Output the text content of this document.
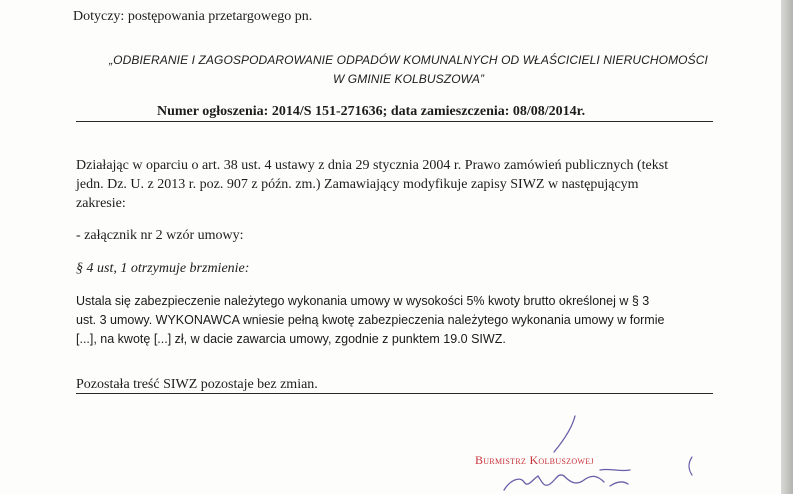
Dotyczy: postępowania przetargowego pn.
„ODBIERANIE I ZAGOSPODAROWANIE ODPADÓW KOMUNALNYCH OD WŁAŚCICIELI NIERUCHOMOŚCI
W GMINIE KOLBUSZOWA”
Numer ogłoszenia: 2014/S 151-271636; data zamieszczenia: 08/08/2014r.
Działając w oparciu o art. 38 ust. 4 ustawy z dnia 29 stycznia 2004 r. Prawo zamówień publicznych (tekst
jedn. Dz. U. z 2013 r. poz. 907 z późn. zm.) Zamawiający modyfikuje zapisy SIWZ w następującym
zakresie:
- załącznik nr 2 wzór umowy:
§ 4 ust, 1 otrzymuje brzmienie:
Ustala się zabezpieczenie należytego wykonania umowy w wysokości 5% kwoty brutto określonej w § 3
ust. 3 umowy. WYKONAWCA wniesie pełną kwotę zabezpieczenia należytego wykonania umowy w formie
[...], na kwotę [...] zł, w dacie zawarcia umowy, zgodnie z punktem 19.0 SIWZ.
Pozostała treść SIWZ pozostaje bez zmian.
Burmistrz Kolbuszowej
